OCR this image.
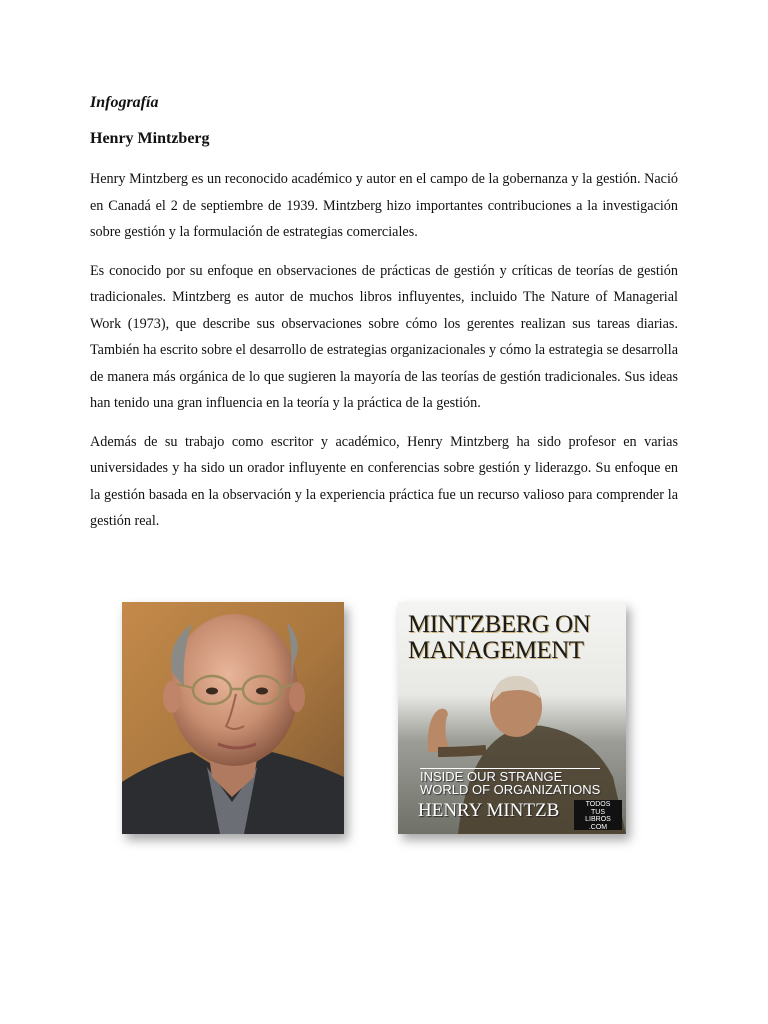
Infografía
Henry Mintzberg

Henry Mintzberg es un reconocido académico y autor en el campo de la gobernanza y la gestión. Nació en Canadá el 2 de septiembre de 1939. Mintzberg hizo importantes contribuciones a la investigación sobre gestión y la formulación de estrategias comerciales.

Es conocido por su enfoque en observaciones de prácticas de gestión y críticas de teorías de gestión tradicionales. Mintzberg es autor de muchos libros influyentes, incluido The Nature of Managerial Work (1973), que describe sus observaciones sobre cómo los gerentes realizan sus tareas diarias. También ha escrito sobre el desarrollo de estrategias organizacionales y cómo la estrategia se desarrolla de manera más orgánica de lo que sugieren la mayoría de las teorías de gestión tradicionales. Sus ideas han tenido una gran influencia en la teoría y la práctica de la gestión.

Además de su trabajo como escritor y académico, Henry Mintzberg ha sido profesor en varias universidades y ha sido un orador influyente en conferencias sobre gestión y liderazgo. Su enfoque en la gestión basada en la observación y la experiencia práctica fue un recurso valioso para comprender la gestión real.

MINTZBERG ON
MANAGEMENT
INSIDE OUR STRANGE
WORLD OF ORGANIZATIONS
HENRY MINTZB	TODOS
TUS
LIBROS
.COM
